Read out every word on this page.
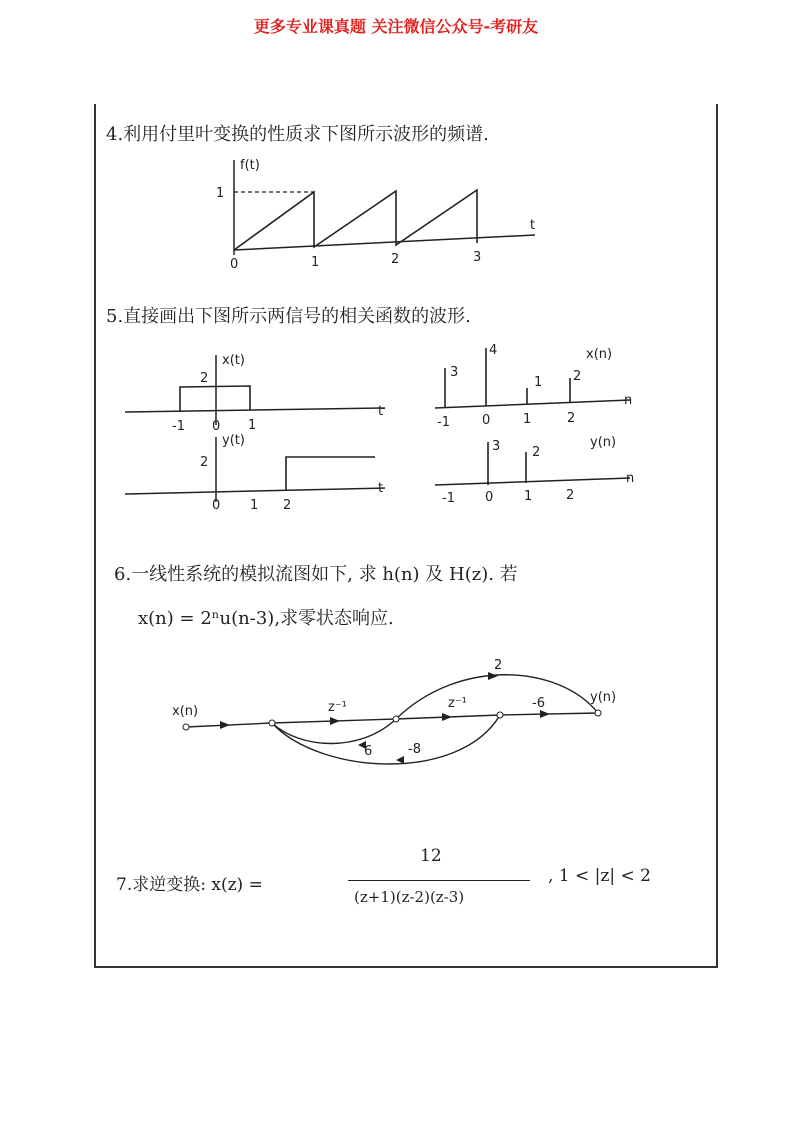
更多专业课真题 关注微信公众号-考研友
4.利用付里叶变换的性质求下图所示波形的频谱.
f(t)
t
1
0	1	2	3
5.直接画出下图所示两信号的相关函数的波形.
x(t)
2
t
-1 0 1
y(t)
2
t
0 1 2
3
4
1 2
x(n)
n
-1 0	1	2
3 2
y(n)
n
-1 0 1	2
6.一线性系统的模拟流图如下, 求 h(n) 及 H(z). 若
x(n) = 2ⁿu(n-3),求零状态响应.
x(n)
y(n)
z⁻¹	z⁻¹
2
-6
6	-8
7.求逆变换: x(z) =
12
(z+1)(z-2)(z-3)
, 1 < |z| < 2
